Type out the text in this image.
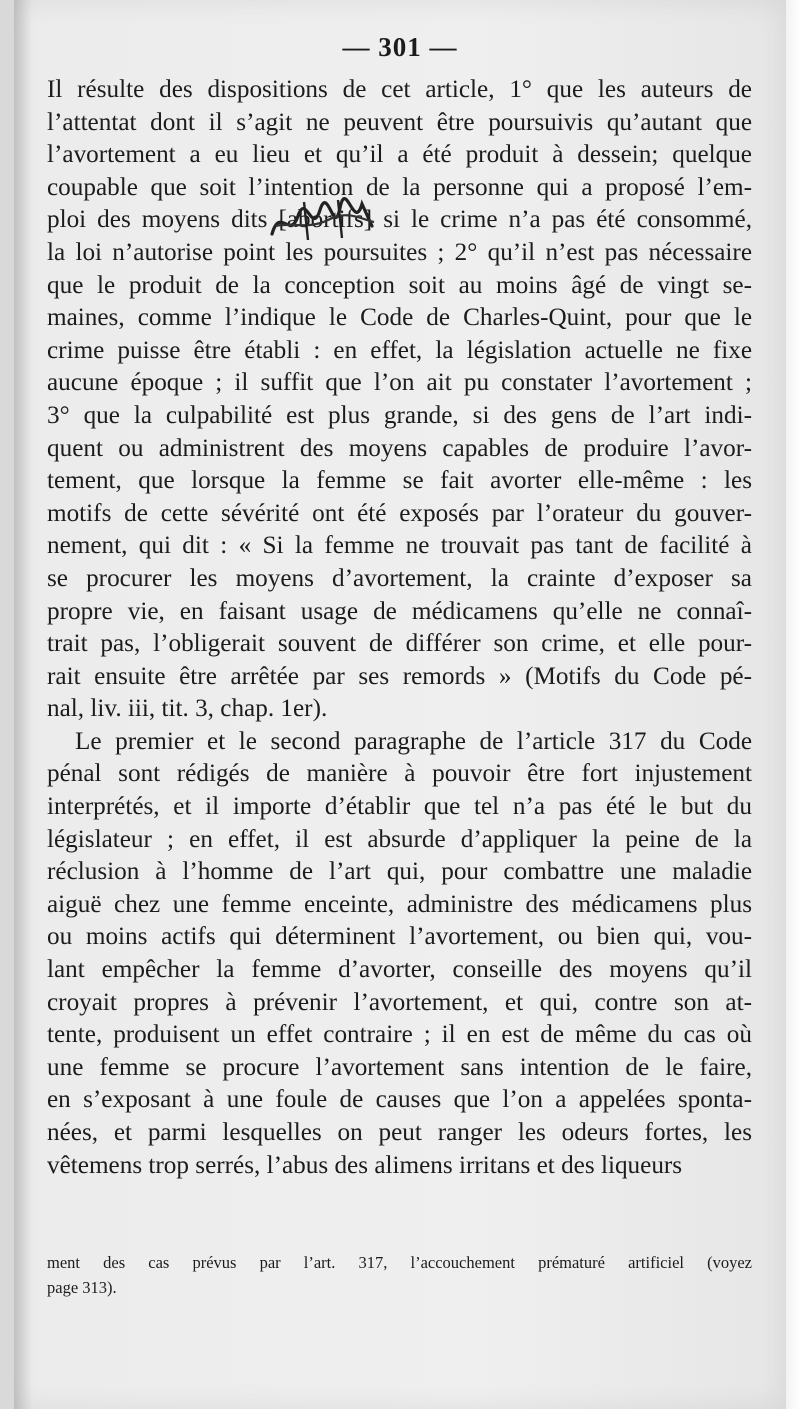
— 301 —
Il résulte des dispositions de cet article, 1° que les auteurs de
l’attentat dont il s’agit ne peuvent être poursuivis qu’autant que
l’avortement a eu lieu et qu’il a été produit à dessein; quelque
coupable que soit l’intention de la personne qui a proposé l’em-
ploi des moyens dits [abortifs] si le crime n’a pas été consommé,
la loi n’autorise point les poursuites ; 2° qu’il n’est pas nécessaire
que le produit de la conception soit au moins âgé de vingt se-
maines, comme l’indique le Code de Charles-Quint, pour que le
crime puisse être établi : en effet, la législation actuelle ne fixe
aucune époque ; il suffit que l’on ait pu constater l’avortement ;
3° que la culpabilité est plus grande, si des gens de l’art indi-
quent ou administrent des moyens capables de produire l’avor-
tement, que lorsque la femme se fait avorter elle-même : les
motifs de cette sévérité ont été exposés par l’orateur du gouver-
nement, qui dit : « Si la femme ne trouvait pas tant de facilité à
se procurer les moyens d’avortement, la crainte d’exposer sa
propre vie, en faisant usage de médicamens qu’elle ne connaî-
trait pas, l’obligerait souvent de différer son crime, et elle pour-
rait ensuite être arrêtée par ses remords » (Motifs du Code pé-
nal, liv. iii, tit. 3, chap. 1er).
Le premier et le second paragraphe de l’article 317 du Code
pénal sont rédigés de manière à pouvoir être fort injustement
interprétés, et il importe d’établir que tel n’a pas été le but du
législateur ; en effet, il est absurde d’appliquer la peine de la
réclusion à l’homme de l’art qui, pour combattre une maladie
aiguë chez une femme enceinte, administre des médicamens plus
ou moins actifs qui déterminent l’avortement, ou bien qui, vou-
lant empêcher la femme d’avorter, conseille des moyens qu’il
croyait propres à prévenir l’avortement, et qui, contre son at-
tente, produisent un effet contraire ; il en est de même du cas où
une femme se procure l’avortement sans intention de le faire,
en s’exposant à une foule de causes que l’on a appelées sponta-
nées, et parmi lesquelles on peut ranger les odeurs fortes, les
vêtemens trop serrés, l’abus des alimens irritans et des liqueurs
ment des cas prévus par l’art. 317, l’accouchement prématuré artificiel (voyez
page 313).
